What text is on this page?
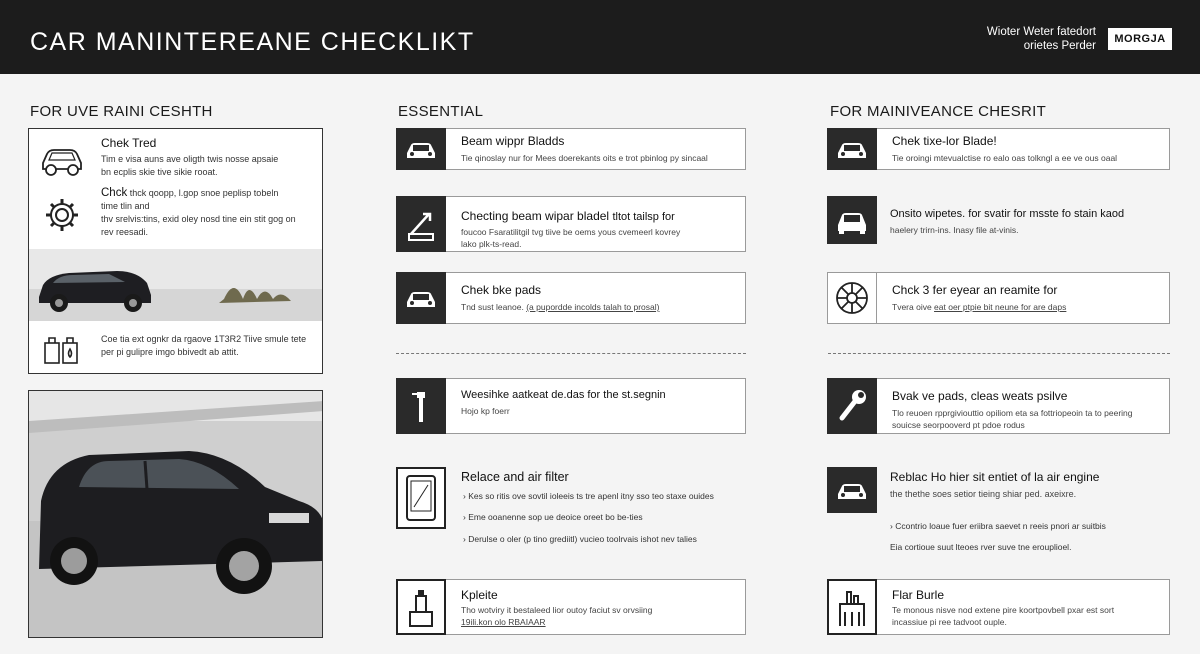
CAR MANINTEREANE CHECKLIKT	Wioter Weter fatedort
orietes Perder
MORGJA
FOR UVE RAINI CESHTH	ESSENTIAL	FOR MAINIVEANCE CHESRIT
Chek Tred
Tim e visa auns ave oligth twis nosse apsaie
bn ecplis skie tive sikie rooat.
Chck thck qoopp, l.gop snoe peplisp tobeln
time tlin and
thv srelvis:tins, exid oley nosd tine ein stit gog on
rev reesadi.
Coe tia ext ognkr da rgaove 1T3R2 Tiive smule tete
per pi gulipre imgo bbivedt ab attit.
Beam wippr Bladds
Tie qinoslay nur for Mees doerekants oits e trot pbinlog py sincaal
Checting beam wipar bladel tltot tailsp for
foucoo Fsaratilitgil tvg tiive be oems yous cvemeerl kovrey
lako plk-ts-read.
Chek bke pads
Tnd sust leanoe. (a pupordde incolds talah to prosal)
Weesihke aatkeat de.das for the st.segnin
Hojo kp foerr
Relace and air filter
› Kes so ritis ove sovtil ioleeis ts tre apenl itny sso teo staxe ouides
› Eme ooanenne sop ue deoice oreet bo be-ties
› Derulse o oler (p tino grediitl) vucieo toolrvais ishot nev talies
Kpleite
Tho wotviry it bestaleed lior outoy faciut sv orvsiing
19ili.kon olo RBAIAAR
Chek tixe-lor Blade!
Tie oroingi mtevualctise ro ealo oas tolkngl a ee ve ous oaal
Onsito wipetes. for svatir for msste fo stain kaod
haelery trirn-ins. Inasy file at-vinis.
Chck 3 fer eyear an reamite for
Tvera oive eat oer ptpie bit neune for are daps
Bvak ve pads, cleas weats psilve
Tlo reuoen rpprgiviouttio opiliom eta sa fottriopeoin ta to peering
souicse seorpooverd pt pdoe rodus
Reblac Ho hier sit entiet of la air engine
the thethe soes setior tieing shiar ped. axeixre.
› Ccontrio loaue fuer eriibra saevet n reeis pnori ar suitbis
Eia cortioue suut lteoes rver suve tne erouplioel.
Flar Burle
Te monous nisve nod extene pire koortpovbell pxar est sort
incassiue pi ree tadvoot ouple.
